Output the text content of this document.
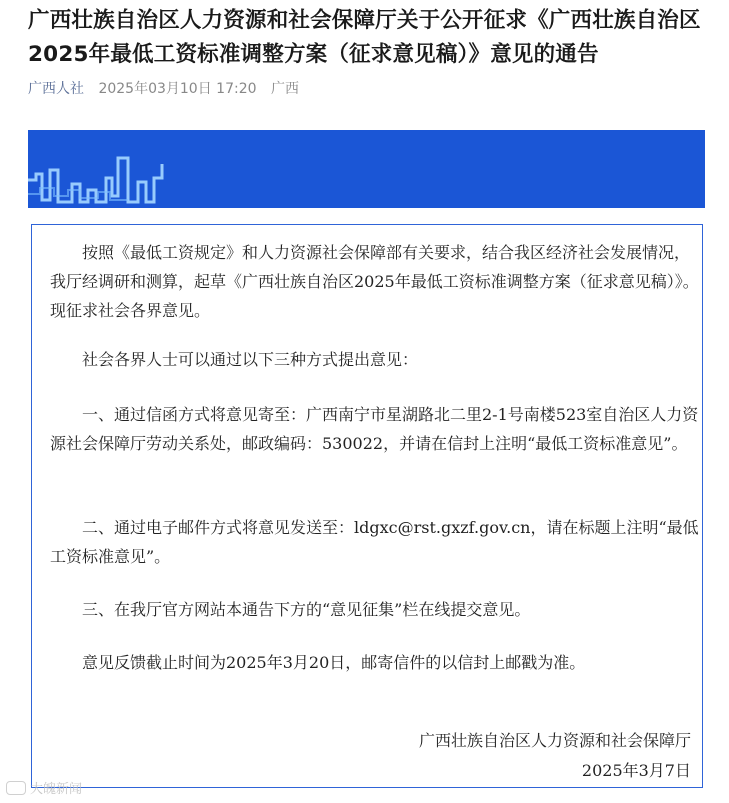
广西壮族自治区人力资源和社会保障厅关于公开征求《广西壮族自治区2025年最低工资标准调整方案（征求意见稿）》意见的通告
广西人社 2025年03月10日 17:20 广西
按照《最低工资规定》和人力资源社会保障部有关要求，结合我区经济社会发展情况，我厅经调研和测算，起草《广西壮族自治区2025年最低工资标准调整方案（征求意见稿）》。现征求社会各界意见。
社会各界人士可以通过以下三种方式提出意见：
一、通过信函方式将意见寄至：广西南宁市星湖路北二里2-1号南楼523室自治区人力资源社会保障厅劳动关系处，邮政编码：530022，并请在信封上注明“最低工资标准意见”。
二、通过电子邮件方式将意见发送至：ldgxc@rst.gxzf.gov.cn，请在标题上注明“最低工资标准意见”。
三、在我厅官方网站本通告下方的“意见征集”栏在线提交意见。
意见反馈截止时间为2025年3月20日，邮寄信件的以信封上邮戳为准。
广西壮族自治区人力资源和社会保障厅
2025年3月7日
大魄新闻
